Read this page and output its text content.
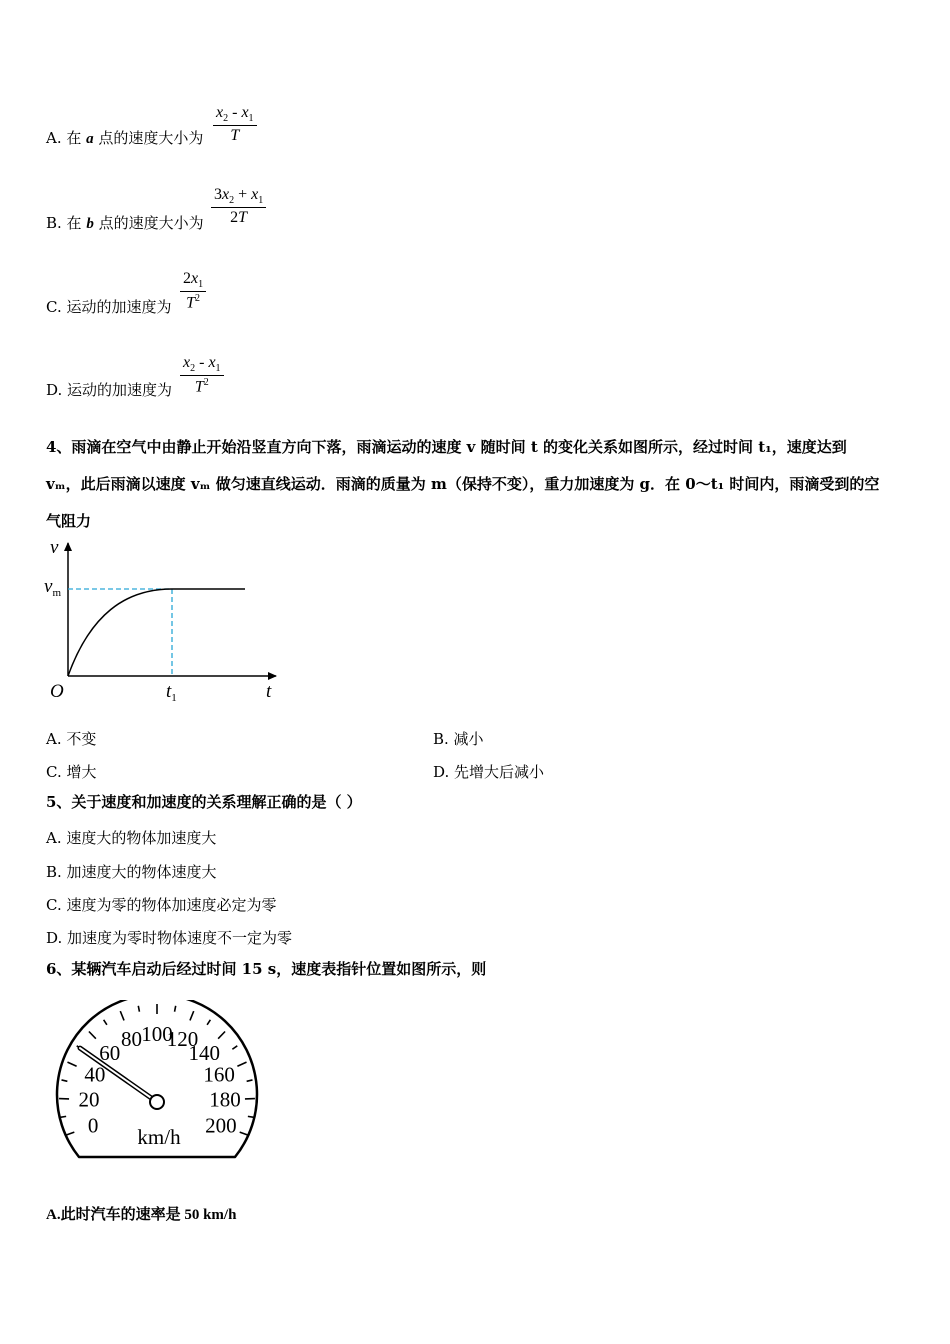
A. 在 a 点的速度大小为 $\frac{x_2 - x_1}{T}$
B. 在 b 点的速度大小为 $\frac{3x_2 + x_1}{2T}$
C. 运动的加速度为 $\frac{2x_1}{T^2}$
D. 运动的加速度为 $\frac{x_2 - x_1}{T^2}$
4、雨滴在空气中由静止开始沿竖直方向下落，雨滴运动的速度 v 随时间 t 的变化关系如图所示，经过时间 t₁，速度达到
vₘ，此后雨滴以速度 vₘ 做匀速直线运动．雨滴的质量为 m（保持不变），重力加速度为 g．在 0～t₁ 时间内，雨滴受到的空
气阻力
v
$v_m$
O	$t_1$	t
A. 不变	B. 减小
C. 增大	D. 先增大后减小
5、关于速度和加速度的关系理解正确的是（ ）
A. 速度大的物体加速度大
B. 加速度大的物体速度大
C. 速度为零的物体加速度必定为零
D. 加速度为零时物体速度不一定为零
6、某辆汽车启动后经过时间 15 s，速度表指针位置如图所示，则
0
20
40
60
80 100
120
140
160
180
200
km/h
A.此时汽车的速率是 50 km/h
